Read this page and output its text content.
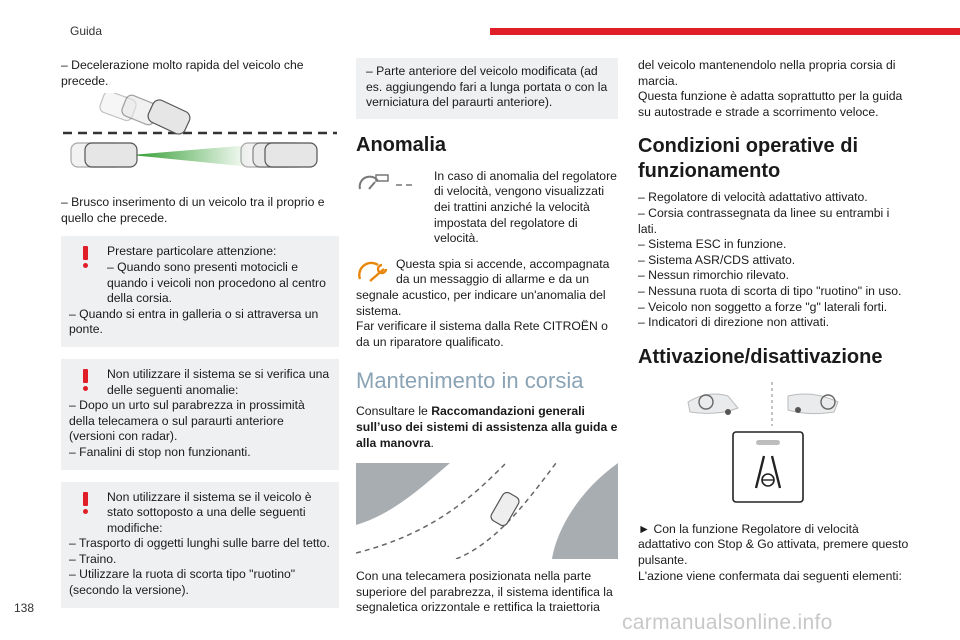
Guida
138
carmanualsonline.info

– Decelerazione molto rapida del veicolo che precede.

– Brusco inserimento di un veicolo tra il proprio e quello che precede.

Prestare particolare attenzione:

– Quando sono presenti motocicli e quando i veicoli non procedono al centro della corsia.

– Quando si entra in galleria o si attraversa un ponte.

Non utilizzare il sistema se si verifica una delle seguenti anomalie:

– Dopo un urto sul parabrezza in prossimità della telecamera o sul paraurti anteriore (versioni con radar).

– Fanalini di stop non funzionanti.

Non utilizzare il sistema se il veicolo è stato sottoposto a una delle seguenti modifiche:

– Trasporto di oggetti lunghi sulle barre del tetto.

– Traino.

– Utilizzare la ruota di scorta tipo "ruotino" (secondo la versione).

– Parte anteriore del veicolo modificata (ad es. aggiungendo fari a lunga portata o con la verniciatura del paraurti anteriore).

Anomalia

In caso di anomalia del regolatore di velocità, vengono visualizzati dei trattini anziché la velocità impostata del regolatore di velocità.

Questa spia si accende, accompagnata da un messaggio di allarme e da un segnale acustico, per indicare un'anomalia del sistema.

Far verificare il sistema dalla Rete CITROËN o da un riparatore qualificato.

Mantenimento in corsia

Consultare le Raccomandazioni generali sull’uso dei sistemi di assistenza alla guida e alla manovra.

Con una telecamera posizionata nella parte superiore del parabrezza, il sistema identifica la segnaletica orizzontale e rettifica la traiettoria

del veicolo mantenendolo nella propria corsia di marcia.

Questa funzione è adatta soprattutto per la guida su autostrade e strade a scorrimento veloce.

Condizioni operative di funzionamento

– Regolatore di velocità adattativo attivato.

– Corsia contrassegnata da linee su entrambi i lati.

– Sistema ESC in funzione.

– Sistema ASR/CDS attivato.

– Nessun rimorchio rilevato.

– Nessuna ruota di scorta di tipo "ruotino" in uso.

– Veicolo non soggetto a forze "g" laterali forti.

– Indicatori di direzione non attivati.

Attivazione/disattivazione

► Con la funzione Regolatore di velocità adattativo con Stop & Go attivata, premere questo pulsante.

L'azione viene confermata dai seguenti elementi:
